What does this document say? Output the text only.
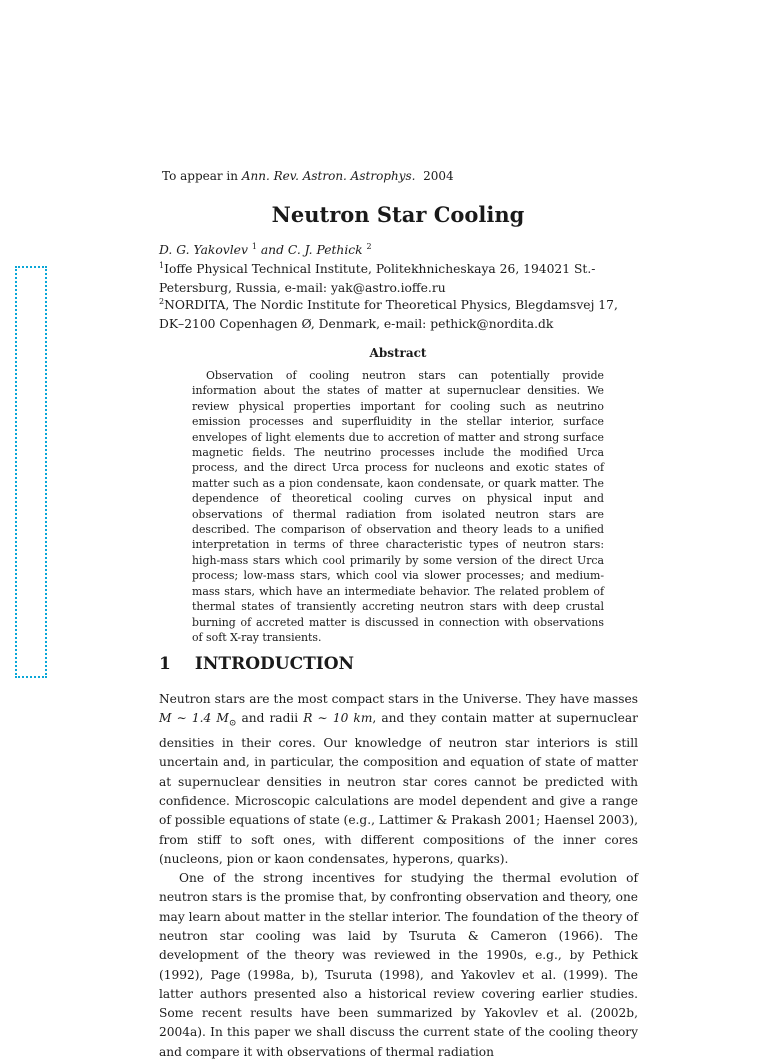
To appear in Ann. Rev. Astron. Astrophys. 2004
Neutron Star Cooling
D. G. Yakovlev $^1$ and C. J. Pethick $^2$
$^1$Ioffe Physical Technical Institute, Politekhnicheskaya 26, 194021 St.-Petersburg, Russia, e-mail: yak@astro.ioffe.ru
$^2$NORDITA, The Nordic Institute for Theoretical Physics, Blegdamsvej 17, DK–2100 Copenhagen Ø, Denmark, e-mail: pethick@nordita.dk
Abstract
Observation of cooling neutron stars can potentially provide information about the states of matter at supernuclear densities. We review physical properties important for cooling such as neutrino emission processes and superfluidity in the stellar interior, surface envelopes of light elements due to accretion of matter and strong surface magnetic fields. The neutrino processes include the modified Urca process, and the direct Urca process for nucleons and exotic states of matter such as a pion condensate, kaon condensate, or quark matter. The dependence of theoretical cooling curves on physical input and observations of thermal radiation from isolated neutron stars are described. The comparison of observation and theory leads to a unified interpretation in terms of three characteristic types of neutron stars: high-mass stars which cool primarily by some version of the direct Urca process; low-mass stars, which cool via slower processes; and medium-mass stars, which have an intermediate behavior. The related problem of thermal states of transiently accreting neutron stars with deep crustal burning of accreted matter is discussed in connection with observations of soft X-ray transients.
1 INTRODUCTION

Neutron stars are the most compact stars in the Universe. They have masses M ∼ 1.4 $M_⊙$ and radii R ∼ 10 km, and they contain matter at supernuclear densities in their cores. Our knowledge of neutron star interiors is still uncertain and, in particular, the composition and equation of state of matter at supernuclear densities in neutron star cores cannot be predicted with confidence. Microscopic calculations are model dependent and give a range of possible equations of state (e.g., Lattimer & Prakash 2001; Haensel 2003), from stiff to soft ones, with different compositions of the inner cores (nucleons, pion or kaon condensates, hyperons, quarks).

One of the strong incentives for studying the thermal evolution of neutron stars is the promise that, by confronting observation and theory, one may learn about matter in the stellar interior. The foundation of the theory of neutron star cooling was laid by Tsuruta & Cameron (1966). The development of the theory was reviewed in the 1990s, e.g., by Pethick (1992), Page (1998a, b), Tsuruta (1998), and Yakovlev et al. (1999). The latter authors presented also a historical review covering earlier studies. Some recent results have been summarized by Yakovlev et al. (2002b, 2004a). In this paper we shall discuss the current state of the cooling theory and compare it with observations of thermal radiation
